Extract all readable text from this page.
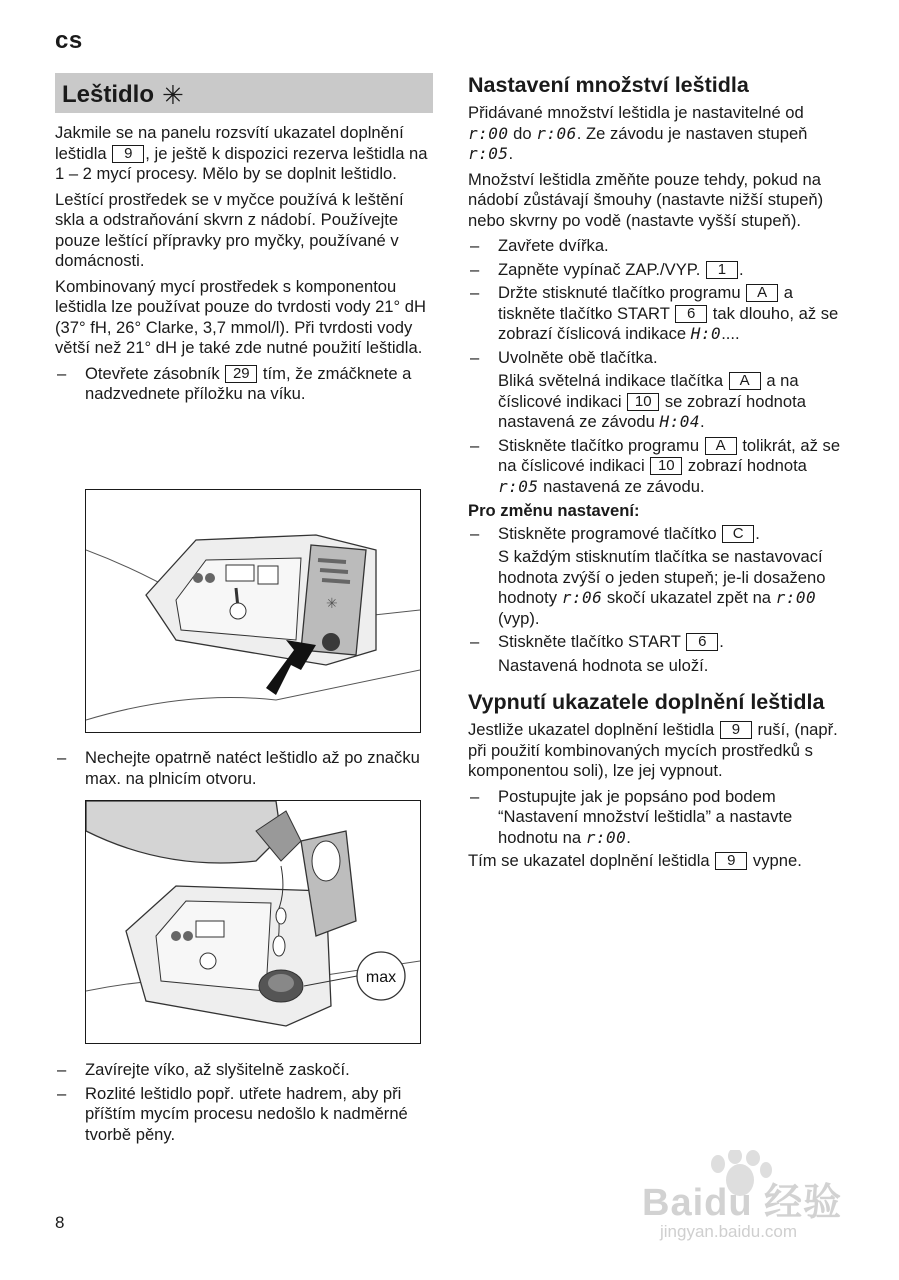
cs
Leštidlo ✳

Jakmile se na panelu rozsvítí ukazatel doplnění leštidla 9 , je ještě k dispozici rezerva leštidla na 1 – 2 mycí procesy. Mělo by se doplnit leštidlo.

Leštící prostředek se v myčce používá k leštění skla a odstraňování skvrn z nádobí. Používejte pouze leštící přípravky pro myčky, používané v domácnosti.

Kombinovaný mycí prostředek s komponentou leštidla lze používat pouze do tvrdosti vody 21° dH (37° fH, 26° Clarke, 3,7 mmol/l). Při tvrdosti vody větší než 21° dH je také zde nutné použití leštidla.

– Otevřete zásobník 29 tím, že zmáčknete a nadzvednete příložku na víku.
✳
– Nechejte opatrně natéct leštidlo až po značku max. na plnicím otvoru.
max
– Zavírejte víko, až slyšitelně zaskočí.
– Rozlité leštidlo popř. utřete hadrem, aby při příštím mycím procesu nedošlo k nadměrné tvorbě pěny.
Nastavení množství leštidla

Přidávané množství leštidla je nastavitelné od r:00 do r:06. Ze závodu je nastaven stupeň r:05.

Množství leštidla změňte pouze tehdy, pokud na nádobí zůstávají šmouhy (nastavte nižší stupeň) nebo skvrny po vodě (nastavte vyšší stupeň).

– Zavřete dvířka.
– Zapněte vypínač ZAP./VYP. 1 .
– Držte stisknuté tlačítko programu A a tiskněte tlačítko START 6 tak dlouho, až se zobrazí číslicová indikace H:0....
– Uvolněte obě tlačítka.
Bliká světelná indikace tlačítka A a na číslicové indikaci 10 se zobrazí hodnota nastavená ze závodu H:04.
– Stiskněte tlačítko programu A tolikrát, až se na číslicové indikaci 10 zobrazí hodnota r:05 nastavená ze závodu.
Pro změnu nastavení:
– Stiskněte programové tlačítko C .
S každým stisknutím tlačítka se nastavovací hodnota zvýší o jeden stupeň; je-li dosaženo hodnoty r:06 skočí ukazatel zpět na r:00 (vyp).
– Stiskněte tlačítko START 6 .
Nastavená hodnota se uloží.
Vypnutí ukazatele doplnění leštidla

Jestliže ukazatel doplnění leštidla 9 ruší, (např. při použití kombinovaných mycích prostředků s komponentou soli), lze jej vypnout.

– Postupujte jak je popsáno pod bodem “Nastavení množství leštidla” a nastavte hodnotu na r:00.

Tím se ukazatel doplnění leštidla 9 vypne.

8	Baidu 经验
jingyan.baidu.com
